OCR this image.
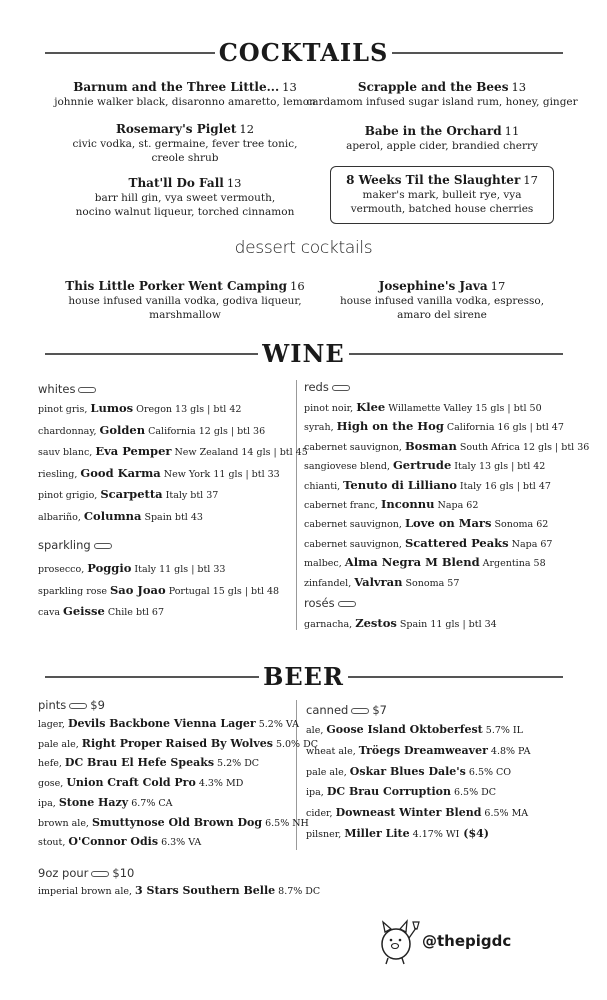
COCKTAILS
Barnum and the Three Little... 13
johnnie walker black, disaronno amaretto, lemon
Scrapple and the Bees 13
cardamom infused sugar island rum, honey, ginger
Rosemary's Piglet 12
civic vodka, st. germaine, fever tree tonic,
creole shrub
Babe in the Orchard 11
aperol, apple cider, brandied cherry
That'll Do Fall 13
barr hill gin, vya sweet vermouth,
nocino walnut liqueur, torched cinnamon
8 Weeks Til the Slaughter 17
maker's mark, bulleit rye, vya
vermouth, batched house cherries
dessert cocktails
This Little Porker Went Camping 16
house infused vanilla vodka, godiva liqueur,
marshmallow
Josephine's Java 17
house infused vanilla vodka, espresso,
amaro del sirene
WINE
whites
pinot gris, Lumos Oregon 13 gls | btl 42
chardonnay, Golden California 12 gls | btl 36
sauv blanc, Eva Pemper New Zealand 14 gls | btl 45
riesling, Good Karma New York 11 gls | btl 33
pinot grigio, Scarpetta Italy btl 37
albariño, Columna Spain btl 43
sparkling
prosecco, Poggio Italy 11 gls | btl 33
sparkling rose Sao Joao Portugal 15 gls | btl 48
cava Geisse Chile btl 67
reds
pinot noir, Klee Willamette Valley 15 gls | btl 50
syrah, High on the Hog California 16 gls | btl 47
cabernet sauvignon, Bosman South Africa 12 gls | btl 36
sangiovese blend, Gertrude Italy 13 gls | btl 42
chianti, Tenuto di Lilliano Italy 16 gls | btl 47
cabernet franc, Inconnu Napa 62
cabernet sauvignon, Love on Mars Sonoma 62
cabernet sauvignon, Scattered Peaks Napa 67
malbec, Alma Negra M Blend Argentina 58
zinfandel, Valvran Sonoma 57
rosés
garnacha, Zestos Spain 11 gls | btl 34
BEER
pints $9
lager, Devils Backbone Vienna Lager 5.2% VA
pale ale, Right Proper Raised By Wolves 5.0% DC
hefe, DC Brau El Hefe Speaks 5.2% DC
gose, Union Craft Cold Pro 4.3% MD
ipa, Stone Hazy 6.7% CA
brown ale, Smuttynose Old Brown Dog 6.5% NH
stout, O'Connor Odis 6.3% VA
9oz pour $10
imperial brown ale, 3 Stars Southern Belle 8.7% DC
canned $7
ale, Goose Island Oktoberfest 5.7% IL
wheat ale, Tröegs Dreamweaver 4.8% PA
pale ale, Oskar Blues Dale's 6.5% CO
ipa, DC Brau Corruption 6.5% DC
cider, Downeast Winter Blend 6.5% MA
pilsner, Miller Lite 4.17% WI ($4)
@thepigdc
